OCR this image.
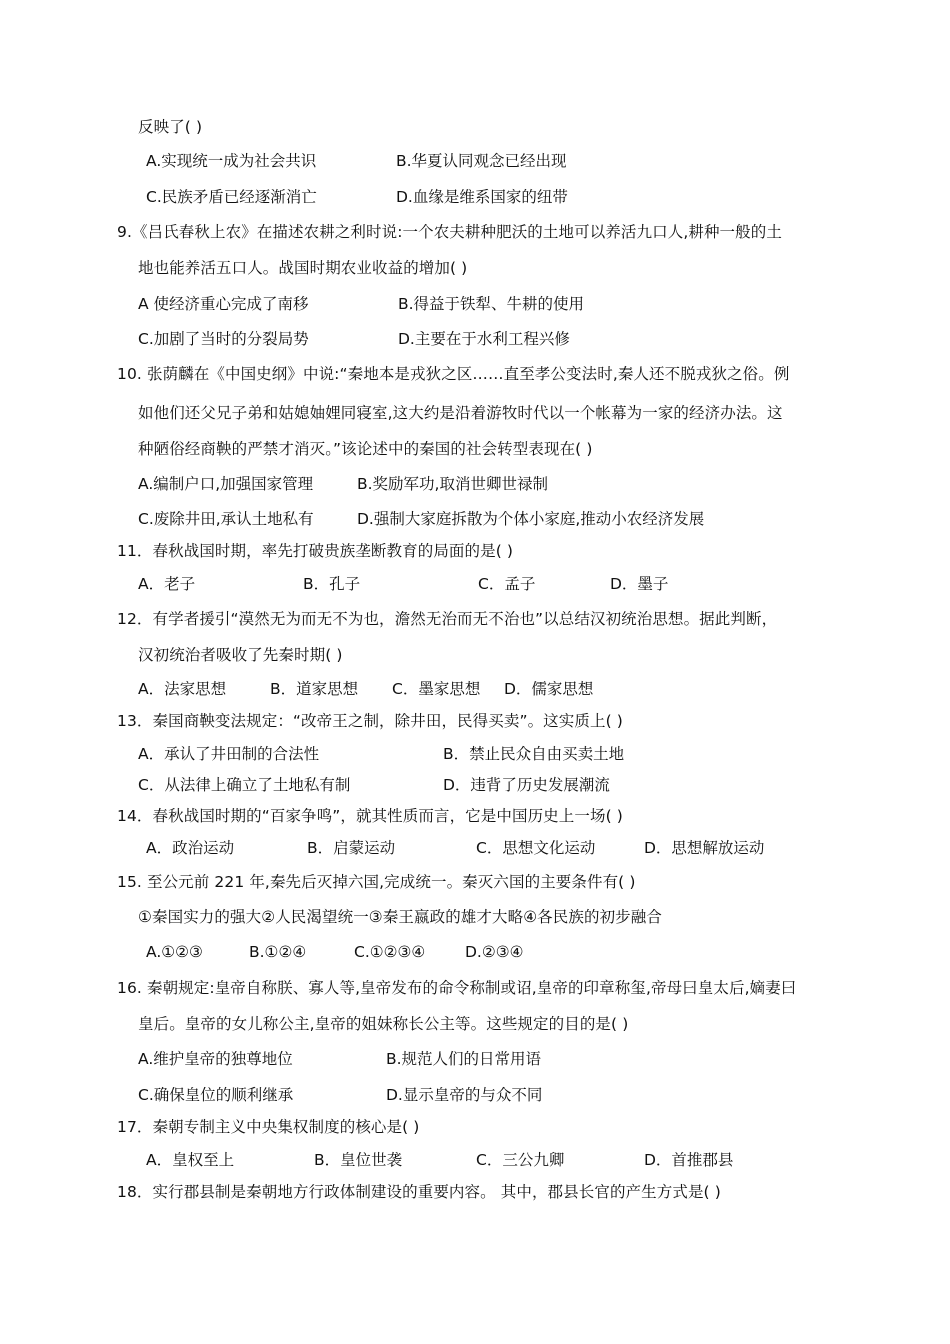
反映了( )
A.实现统一成为社会共识	B.华夏认同观念已经出现
C.民族矛盾已经逐渐消亡	D.血缘是维系国家的纽带
9.《吕氏春秋上农》在描述农耕之利时说:一个农夫耕种肥沃的土地可以养活九口人,耕种一般的土
地也能养活五口人。战国时期农业收益的增加( )
A 使经济重心完成了南移	B.得益于铁犁、牛耕的使用
C.加剧了当时的分裂局势	D.主要在于水利工程兴修
10. 张荫麟在《中国史纲》中说:“秦地本是戎狄之区……直至孝公变法时,秦人还不脱戎狄之俗。例
如他们还父兄子弟和姑媳妯娌同寝室,这大约是沿着游牧时代以一个帐幕为一家的经济办法。这
种陋俗经商鞅的严禁才消灭。”该论述中的秦国的社会转型表现在( )
A.编制户口,加强国家管理	B.奖励军功,取消世卿世禄制
C.废除井田,承认土地私有	D.强制大家庭拆散为个体小家庭,推动小农经济发展
11．春秋战国时期，率先打破贵族垄断教育的局面的是( )
A．老子	B．孔子	C．孟子	D．墨子
12．有学者援引“漠然无为而无不为也，澹然无治而无不治也”以总结汉初统治思想。据此判断，
汉初统治者吸收了先秦时期( )
A．法家思想	B．道家思想 C．墨家思想 D．儒家思想
13．秦国商鞅变法规定：“改帝王之制，除井田，民得买卖”。这实质上( )
A．承认了井田制的合法性	B．禁止民众自由买卖土地
C．从法律上确立了土地私有制	D．违背了历史发展潮流
14．春秋战国时期的“百家争鸣”，就其性质而言，它是中国历史上一场( )
A．政治运动	B．启蒙运动	C．思想文化运动	D．思想解放运动
15. 至公元前 221 年,秦先后灭掉六国,完成统一。秦灭六国的主要条件有( )
①秦国实力的强大②人民渴望统一③秦王嬴政的雄才大略④各民族的初步融合
A.①②③	B.①②④	C.①②③④	D.②③④
16. 秦朝规定:皇帝自称朕、寡人等,皇帝发布的命令称制或诏,皇帝的印章称玺,帝母曰皇太后,嫡妻曰
皇后。皇帝的女儿称公主,皇帝的姐妹称长公主等。这些规定的目的是( )
A.维护皇帝的独尊地位	B.规范人们的日常用语
C.确保皇位的顺利继承	D.显示皇帝的与众不同
17．秦朝专制主义中央集权制度的核心是( )
A．皇权至上	B．皇位世袭	C．三公九卿	D．首推郡县
18．实行郡县制是秦朝地方行政体制建设的重要内容。 其中，郡县长官的产生方式是( )
